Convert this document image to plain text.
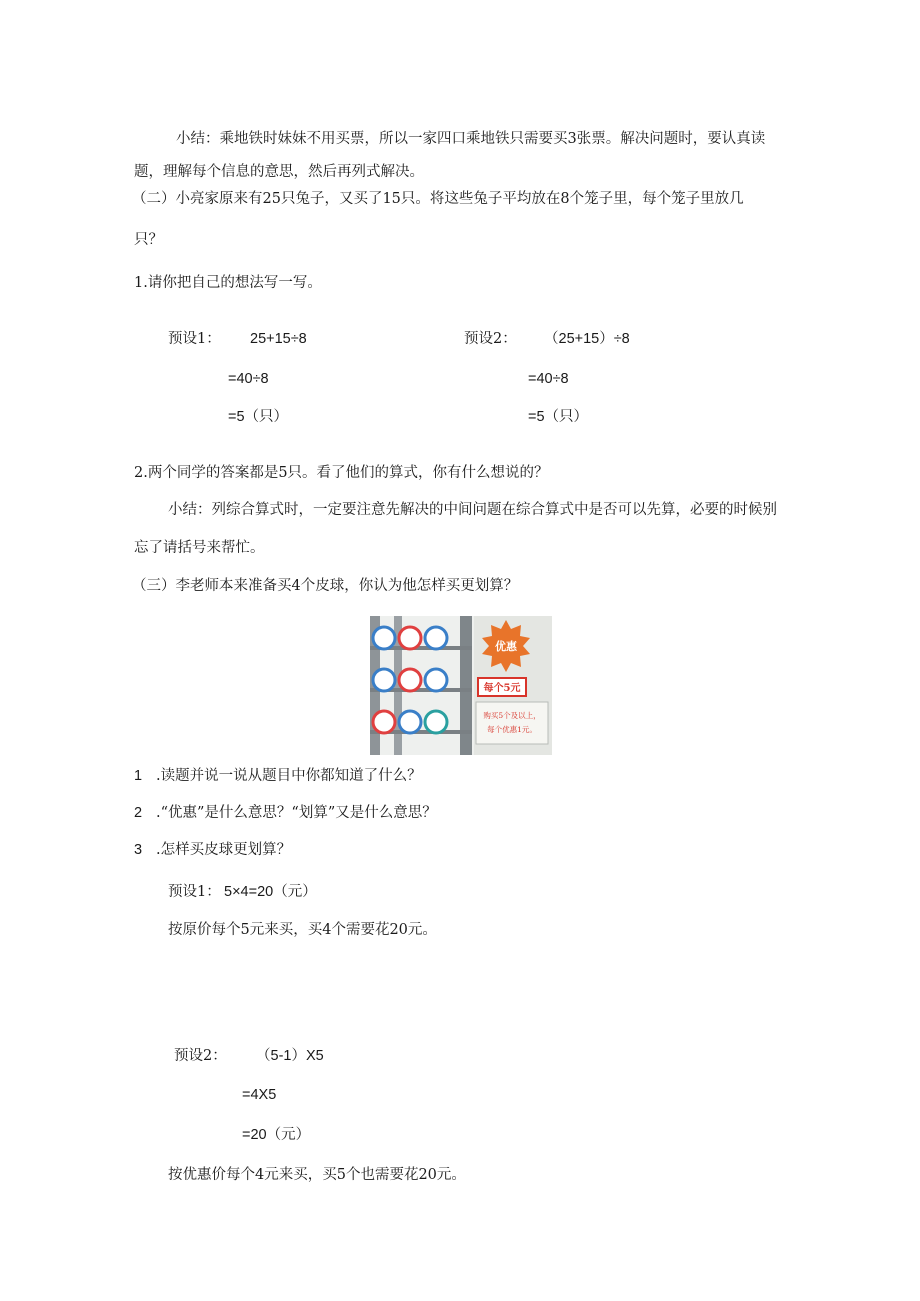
小结：乘地铁时妹妹不用买票，所以一家四口乘地铁只需要买3张票。解决问题时，要认真读
题，理解每个信息的意思，然后再列式解决。
（二）小亮家原来有25只兔子，又买了15只。将这些兔子平均放在8个笼子里，每个笼子里放几
只？
1.请你把自己的想法写一写。
预设1： 25+15÷8
=40÷8
=5（只）
预设2： （25+15）÷8
=40÷8
=5（只）
2.两个同学的答案都是5只。看了他们的算式，你有什么想说的？
小结：列综合算式时，一定要注意先解决的中间问题在综合算式中是否可以先算，必要的时候别
忘了请括号来帮忙。
（三）李老师本来准备买4个皮球，你认为他怎样买更划算？
优惠
每个5元
购买5个及以上，
每个优惠1元。
1 .读题并说一说从题目中你都知道了什么？
2 .“优惠”是什么意思？“划算”又是什么意思？
3 .怎样买皮球更划算？
预设1： 5×4=20（元）
按原价每个5元来买，买4个需要花20元。
预设2： （5-1）X5
=4X5
=20（元）
按优惠价每个4元来买，买5个也需要花20元。
